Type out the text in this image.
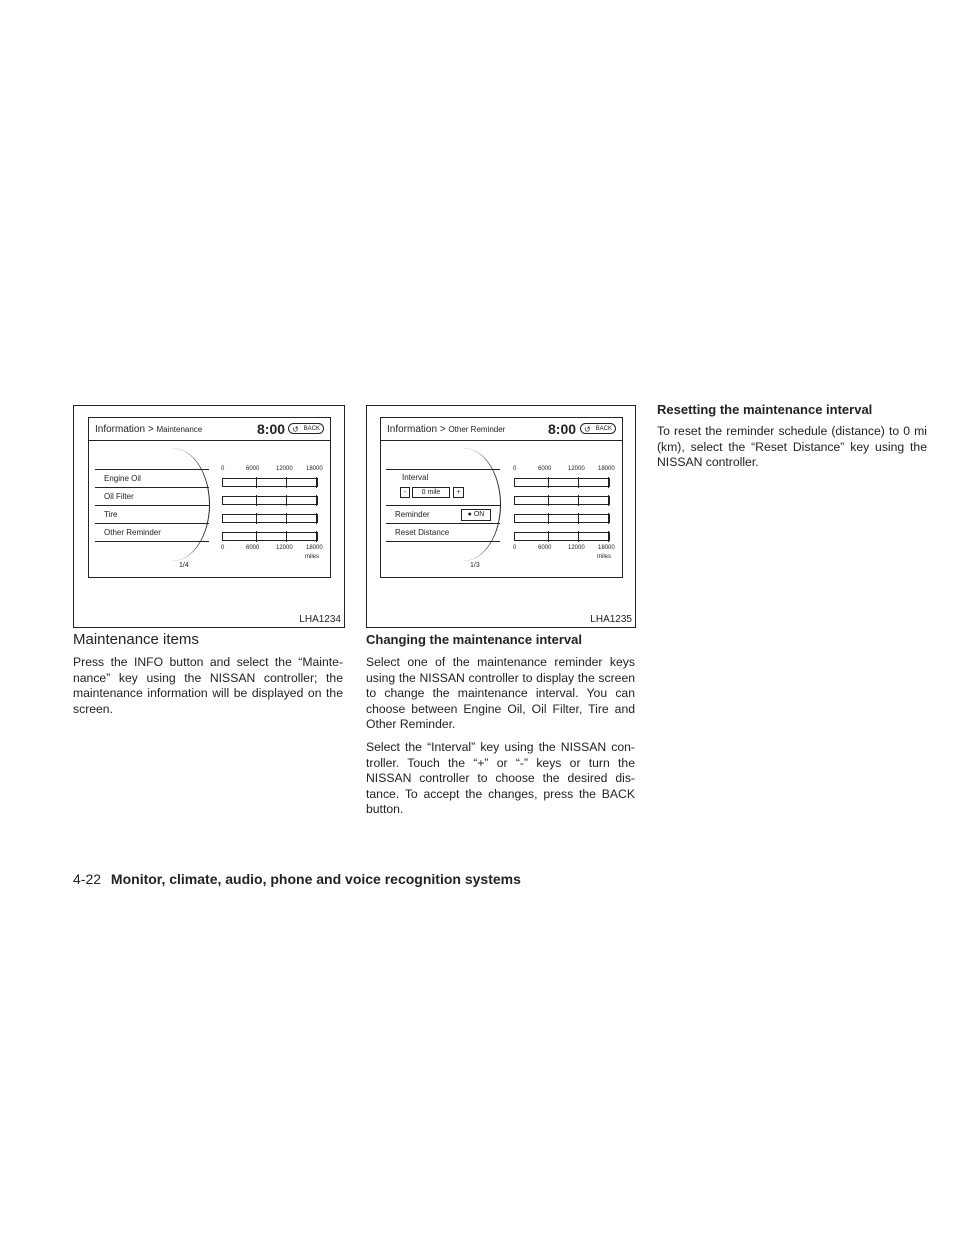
Information > Maintenance	8:00 ↺ BACK
Engine Oil
Oil Filter
Tire
Other Reminder
1/4
0	6000	12000 18000
0	6000	12000 18000
miles
LHA1234
Information > Other Reminder	8:00 ↺ BACK
Interval
-	0 mile	+
Reminder	● ON
Reset Distance
1/3
0	6000	12000 18000
0	6000	12000 18000
miles
LHA1235
Maintenance items

Press the INFO button and select the “Mainte-nance” key using the NISSAN controller; the maintenance information will be displayed on the screen.

Changing the maintenance interval

Select one of the maintenance reminder keys using the NISSAN controller to display the screen to change the maintenance interval. You can choose between Engine Oil, Oil Filter, Tire and Other Reminder.

Select the “Interval” key using the NISSAN con-troller. Touch the “+” or “-” keys or turn the NISSAN controller to choose the desired dis-tance. To accept the changes, press the BACK button.

Resetting the maintenance interval

To reset the reminder schedule (distance) to 0 mi (km), select the “Reset Distance” key using the NISSAN controller.

4-22 Monitor, climate, audio, phone and voice recognition systems
